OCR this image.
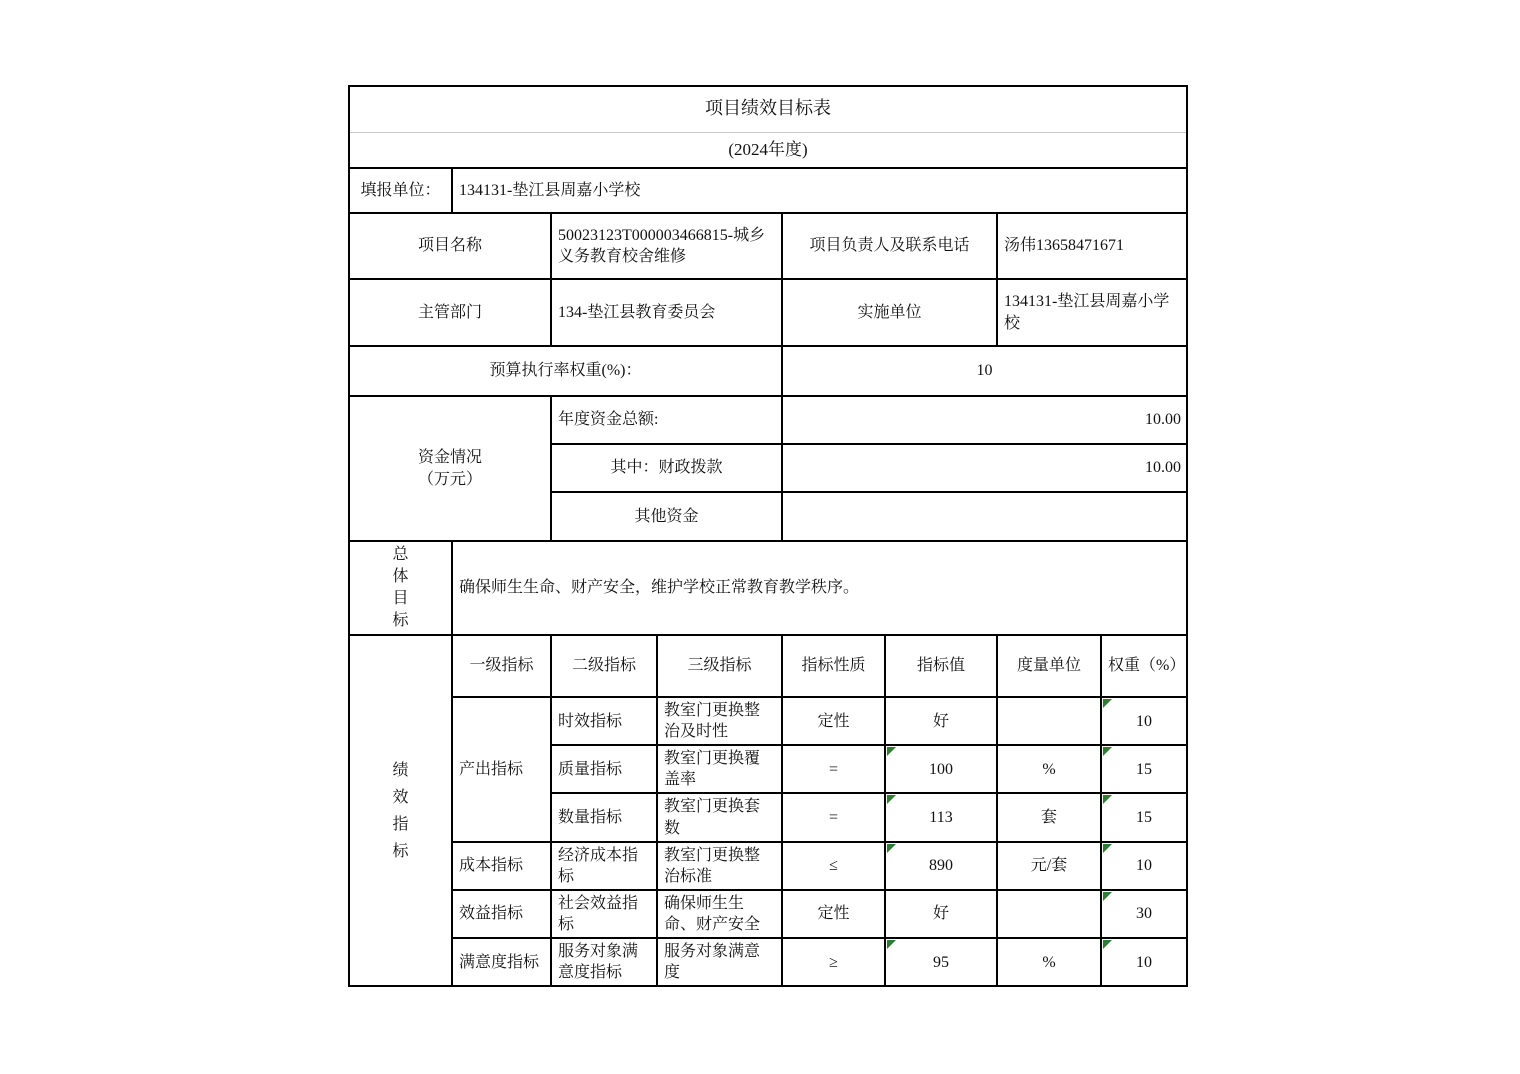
项目绩效目标表							
(2024年度)							
填报单位：	134131-垫江县周嘉小学校						
项目名称		50023123T000003466815-城乡义务教育校舍维修		项目负责人及联系电话		汤伟13658471671	
主管部门		134-垫江县教育委员会		实施单位		134131-垫江县周嘉小学校	
预算执行率权重(%)：				10			

资金情况
（万元）		年度资金总额:		10.00			
		其中：财政拨款		10.00			
		其他资金					

总体目标	确保师生生命、财产安全，维护学校正常教育教学秩序。						

绩效指标	一级指标	二级指标	三级指标	指标性质	指标值	度量单位	权重（%）
	产出指标	时效指标	教室门更换整治及时性	定性	好		10
		质量指标	教室门更换覆盖率	=	100	%	15
		数量指标	教室门更换套数	=	113	套	15
	成本指标	经济成本指标	教室门更换整治标准	≤	890	元/套	10
	效益指标	社会效益指标	确保师生生命、财产安全	定性	好		30
	满意度指标	服务对象满意度指标	服务对象满意度	≥	95	%	10
